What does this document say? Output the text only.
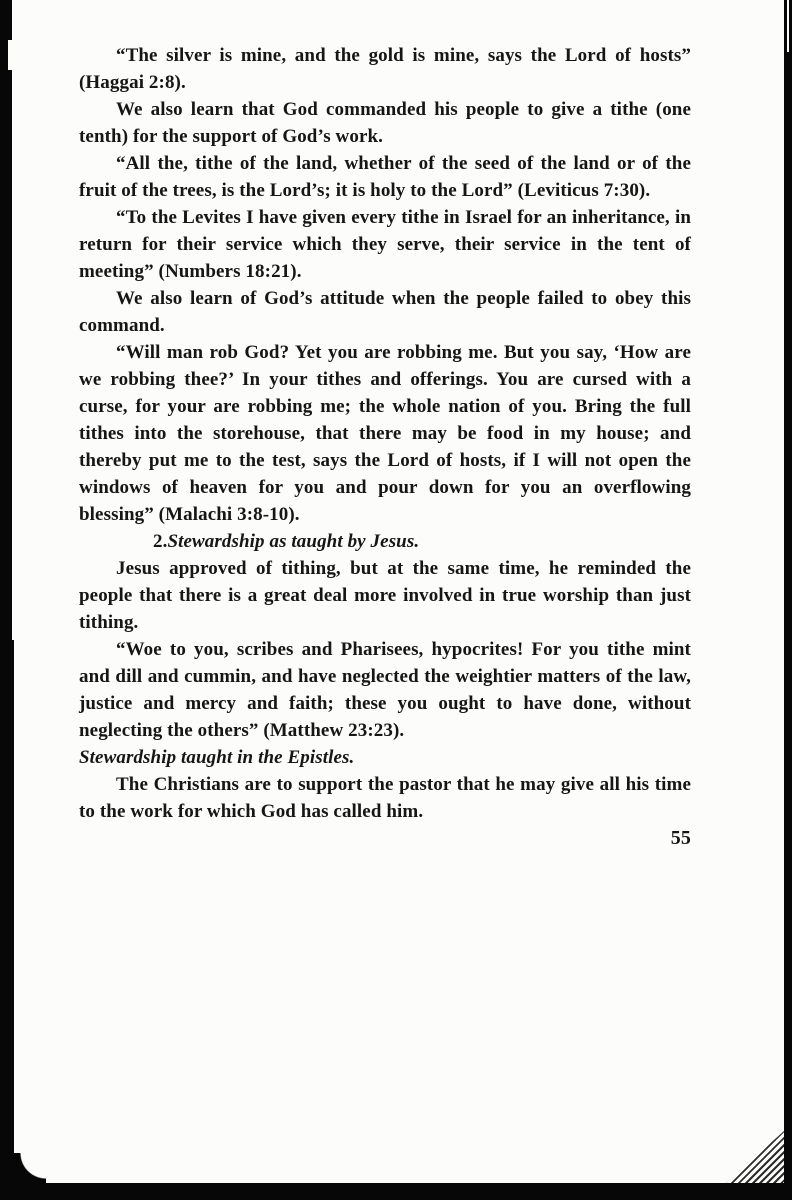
“The silver is mine, and the gold is mine, says the Lord of hosts” (Haggai 2:8).

We also learn that God commanded his people to give a tithe (one tenth) for the support of God’s work.

“All the, tithe of the land, whether of the seed of the land or of the fruit of the trees, is the Lord’s; it is holy to the Lord” (Leviticus 7:30).

“To the Levites I have given every tithe in Israel for an inheritance, in return for their service which they serve, their service in the tent of meeting” (Numbers 18:21).

We also learn of God’s attitude when the people failed to obey this command.

“Will man rob God? Yet you are robbing me. But you say, ‘How are we robbing thee?’ In your tithes and offerings. You are cursed with a curse, for your are robbing me; the whole nation of you. Bring the full tithes into the storehouse, that there may be food in my house; and thereby put me to the test, says the Lord of hosts, if I will not open the windows of heaven for you and pour down for you an overflowing blessing” (Malachi 3:8-10).

2.Stewardship as taught by Jesus.

Jesus approved of tithing, but at the same time, he reminded the people that there is a great deal more involved in true worship than just tithing.

“Woe to you, scribes and Pharisees, hypocrites! For you tithe mint and dill and cummin, and have neglected the weightier matters of the law, justice and mercy and faith; these you ought to have done, without neglecting the others” (Matthew 23:23).

Stewardship taught in the Epistles.

The Christians are to support the pastor that he may give all his time to the work for which God has called him.

55
